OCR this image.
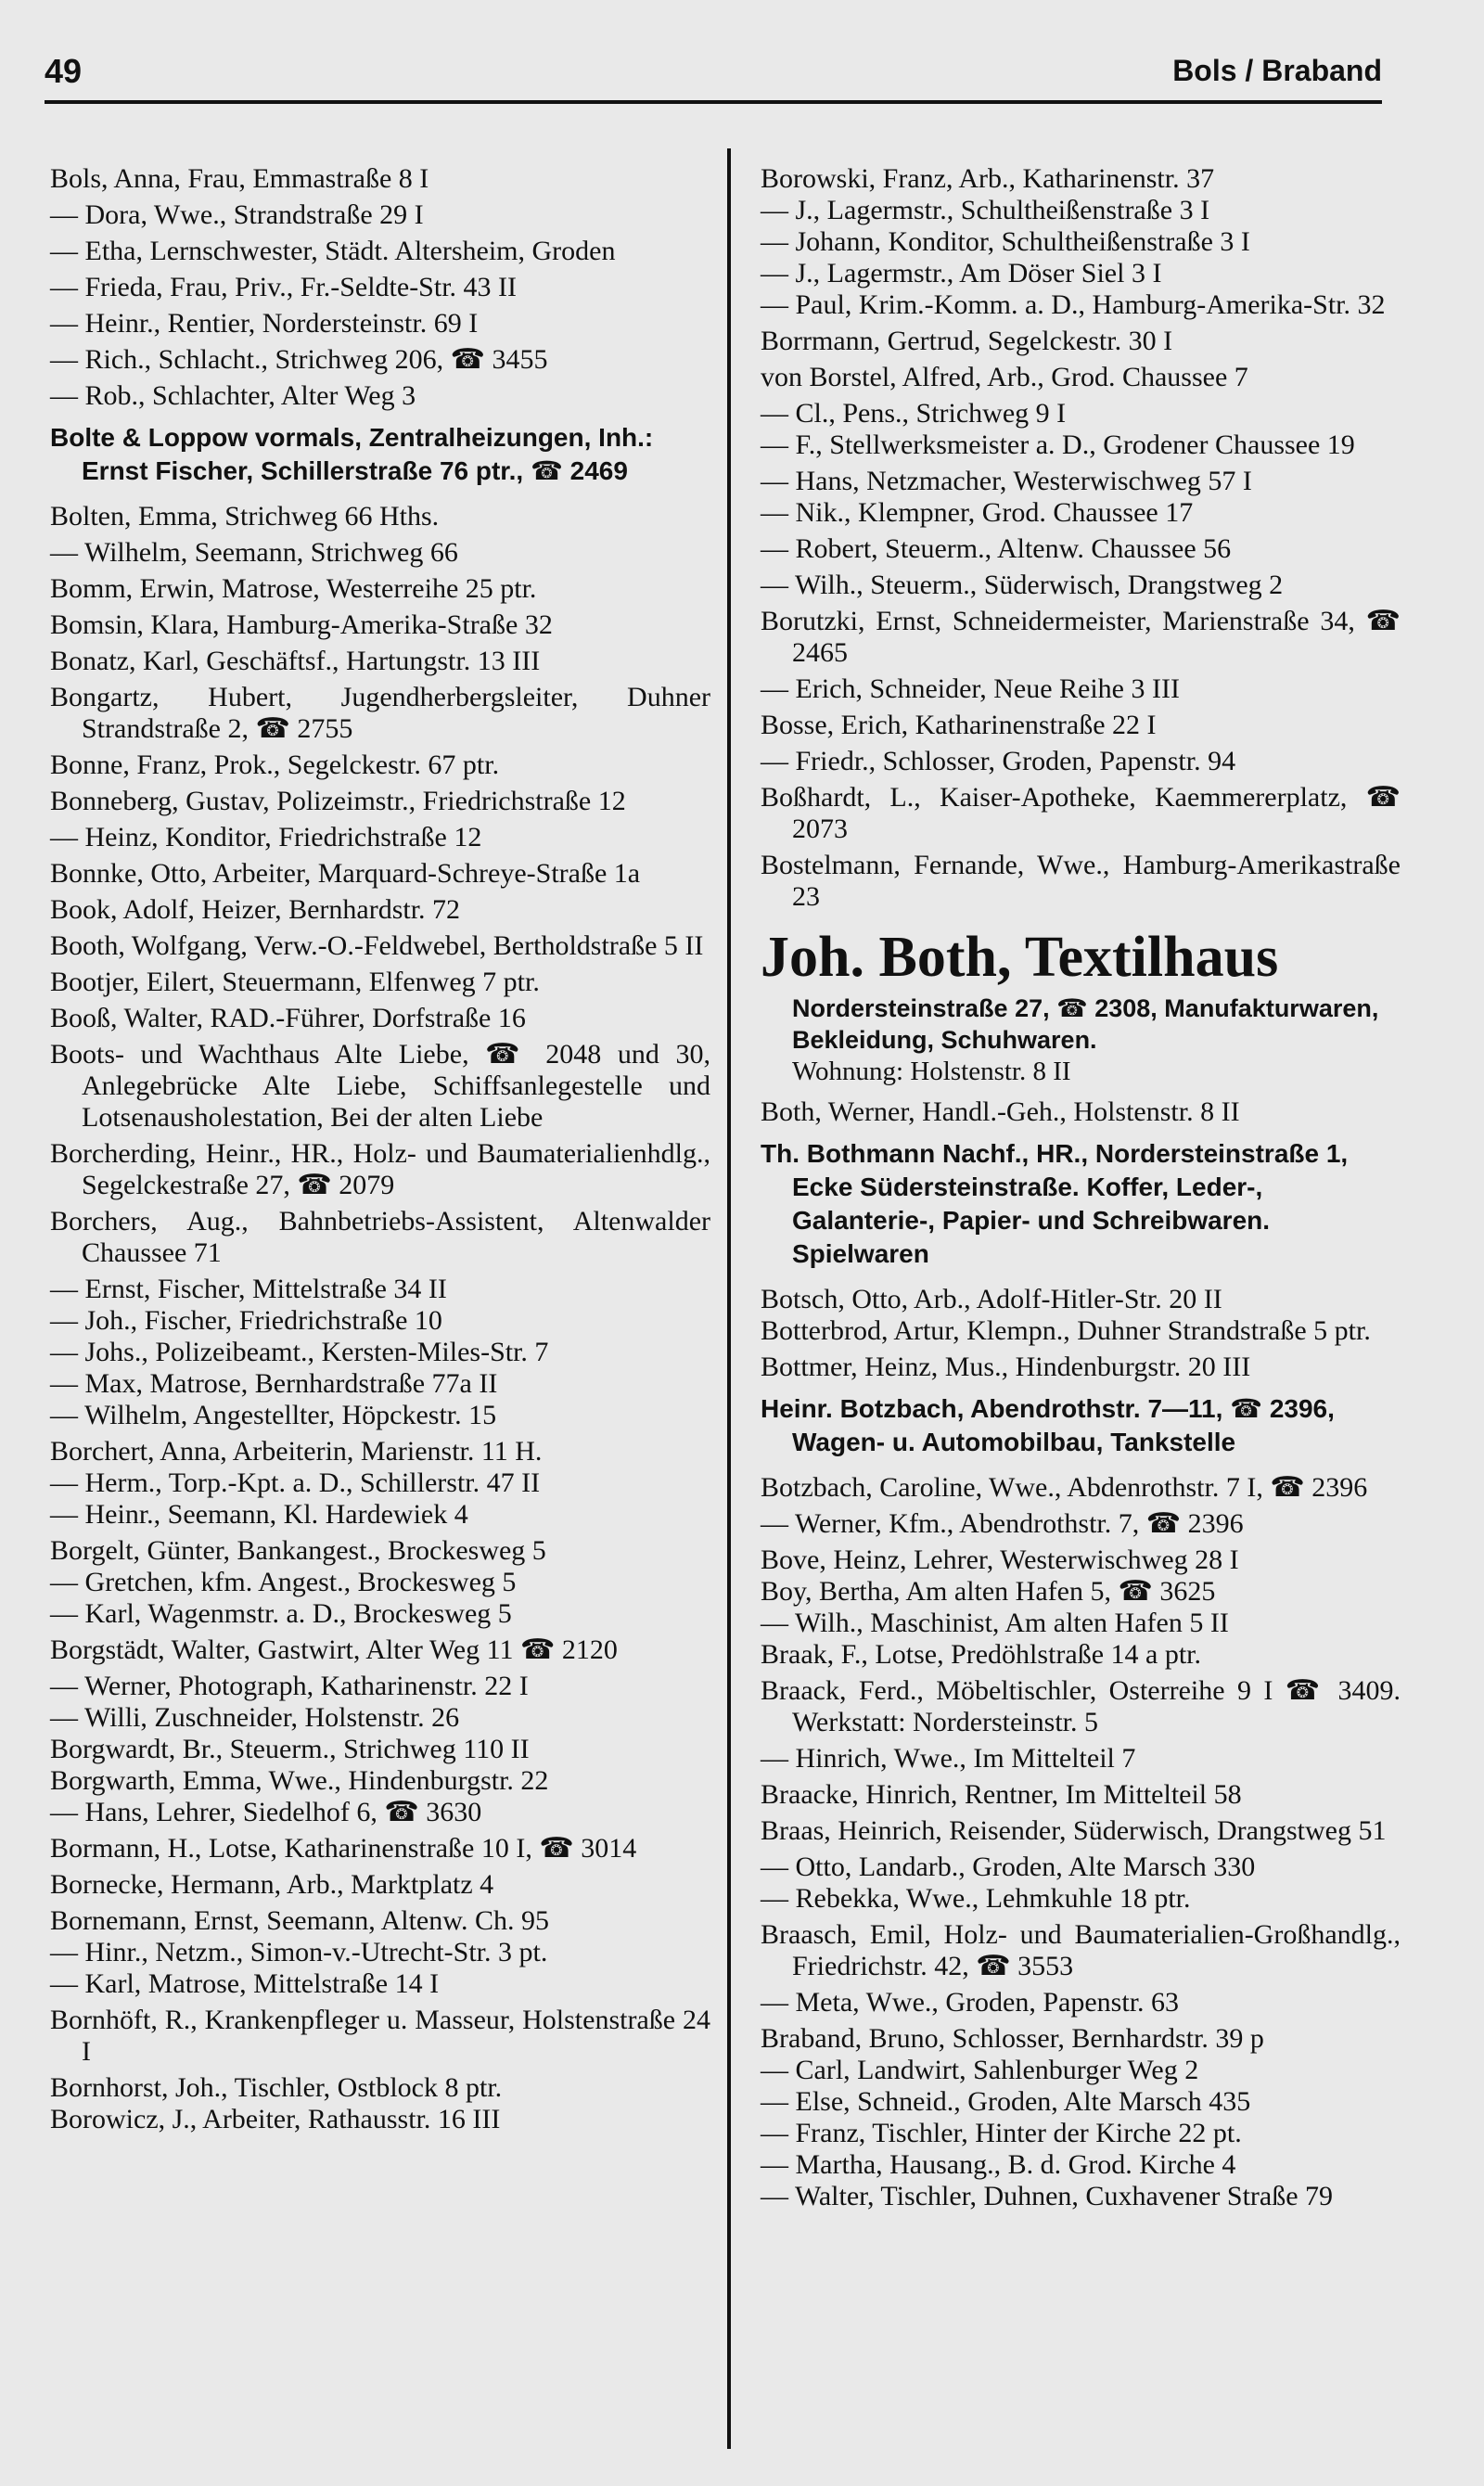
49	Bols / Braband

Bols, Anna, Frau, Emmastraße 8 I

— Dora, Wwe., Strandstraße 29 I

— Etha, Lernschwester, Städt. Altersheim, Groden

— Frieda, Frau, Priv., Fr.-Seldte-Str. 43 II

— Heinr., Rentier, Nordersteinstr. 69 I

— Rich., Schlacht., Strichweg 206, ☎ 3455

— Rob., Schlachter, Alter Weg 3

Bolte & Loppow vormals, Zentralheizungen, Inh.: Ernst Fischer, Schillerstraße 76 ptr., ☎ 2469

Bolten, Emma, Strichweg 66 Hths.

— Wilhelm, Seemann, Strichweg 66

Bomm, Erwin, Matrose, Westerreihe 25 ptr.

Bomsin, Klara, Hamburg-Amerika-Straße 32

Bonatz, Karl, Geschäftsf., Hartungstr. 13 III

Bongartz, Hubert, Jugendherbergsleiter, Duhner Strandstraße 2, ☎ 2755

Bonne, Franz, Prok., Segelckestr. 67 ptr.

Bonneberg, Gustav, Polizeimstr., Friedrichstraße 12

— Heinz, Konditor, Friedrichstraße 12

Bonnke, Otto, Arbeiter, Marquard-Schreye-Straße 1a

Book, Adolf, Heizer, Bernhardstr. 72

Booth, Wolfgang, Verw.-O.-Feldwebel, Bertholdstraße 5 II

Bootjer, Eilert, Steuermann, Elfenweg 7 ptr.

Booß, Walter, RAD.-Führer, Dorfstraße 16

Boots- und Wachthaus Alte Liebe, ☎ 2048 und 30, Anlegebrücke Alte Liebe, Schiffsanlegestelle und Lotsenausholestation, Bei der alten Liebe

Borcherding, Heinr., HR., Holz- und Baumaterialienhdlg., Segelckestraße 27, ☎ 2079

Borchers, Aug., Bahnbetriebs-Assistent, Altenwalder Chaussee 71

— Ernst, Fischer, Mittelstraße 34 II

— Joh., Fischer, Friedrichstraße 10

— Johs., Polizeibeamt., Kersten-Miles-Str. 7

— Max, Matrose, Bernhardstraße 77a II

— Wilhelm, Angestellter, Höpckestr. 15

Borchert, Anna, Arbeiterin, Marienstr. 11 H.

— Herm., Torp.-Kpt. a. D., Schillerstr. 47 II

— Heinr., Seemann, Kl. Hardewiek 4

Borgelt, Günter, Bankangest., Brockesweg 5

— Gretchen, kfm. Angest., Brockesweg 5

— Karl, Wagenmstr. a. D., Brockesweg 5

Borgstädt, Walter, Gastwirt, Alter Weg 11 ☎ 2120

— Werner, Photograph, Katharinenstr. 22 I

— Willi, Zuschneider, Holstenstr. 26

Borgwardt, Br., Steuerm., Strichweg 110 II

Borgwarth, Emma, Wwe., Hindenburgstr. 22

— Hans, Lehrer, Siedelhof 6, ☎ 3630

Bormann, H., Lotse, Katharinenstraße 10 I, ☎ 3014

Bornecke, Hermann, Arb., Marktplatz 4

Bornemann, Ernst, Seemann, Altenw. Ch. 95

— Hinr., Netzm., Simon-v.-Utrecht-Str. 3 pt.

— Karl, Matrose, Mittelstraße 14 I

Bornhöft, R., Krankenpfleger u. Masseur, Holstenstraße 24 I

Bornhorst, Joh., Tischler, Ostblock 8 ptr.

Borowicz, J., Arbeiter, Rathausstr. 16 III

Borowski, Franz, Arb., Katharinenstr. 37

— J., Lagermstr., Schultheißenstraße 3 I

— Johann, Konditor, Schultheißenstraße 3 I

— J., Lagermstr., Am Döser Siel 3 I

— Paul, Krim.-Komm. a. D., Hamburg-Amerika-Str. 32

Borrmann, Gertrud, Segelckestr. 30 I

von Borstel, Alfred, Arb., Grod. Chaussee 7

— Cl., Pens., Strichweg 9 I

— F., Stellwerksmeister a. D., Grodener Chaussee 19

— Hans, Netzmacher, Westerwischweg 57 I

— Nik., Klempner, Grod. Chaussee 17

— Robert, Steuerm., Altenw. Chaussee 56

— Wilh., Steuerm., Süderwisch, Drangstweg 2

Borutzki, Ernst, Schneidermeister, Marienstraße 34, ☎ 2465

— Erich, Schneider, Neue Reihe 3 III

Bosse, Erich, Katharinenstraße 22 I

— Friedr., Schlosser, Groden, Papenstr. 94

Boßhardt, L., Kaiser-Apotheke, Kaemmererplatz, ☎ 2073

Bostelmann, Fernande, Wwe., Hamburg-Amerikastraße 23

Joh. Both, Textilhaus

Nordersteinstraße 27, ☎ 2308, Manufakturwaren, Bekleidung, Schuhwaren.

Wohnung: Holstenstr. 8 II

Both, Werner, Handl.-Geh., Holstenstr. 8 II

Th. Bothmann Nachf., HR., Nordersteinstraße 1, Ecke Südersteinstraße. Koffer, Leder-, Galanterie-, Papier- und Schreibwaren. Spielwaren

Botsch, Otto, Arb., Adolf-Hitler-Str. 20 II

Botterbrod, Artur, Klempn., Duhner Strandstraße 5 ptr.

Bottmer, Heinz, Mus., Hindenburgstr. 20 III

Heinr. Botzbach, Abendrothstr. 7—11, ☎ 2396, Wagen- u. Automobilbau, Tankstelle

Botzbach, Caroline, Wwe., Abdenrothstr. 7 I, ☎ 2396

— Werner, Kfm., Abendrothstr. 7, ☎ 2396

Bove, Heinz, Lehrer, Westerwischweg 28 I

Boy, Bertha, Am alten Hafen 5, ☎ 3625

— Wilh., Maschinist, Am alten Hafen 5 II

Braak, F., Lotse, Predöhlstraße 14 a ptr.

Braack, Ferd., Möbeltischler, Osterreihe 9 I ☎ 3409. Werkstatt: Nordersteinstr. 5

— Hinrich, Wwe., Im Mittelteil 7

Braacke, Hinrich, Rentner, Im Mittelteil 58

Braas, Heinrich, Reisender, Süderwisch, Drangstweg 51

— Otto, Landarb., Groden, Alte Marsch 330

— Rebekka, Wwe., Lehmkuhle 18 ptr.

Braasch, Emil, Holz- und Baumaterialien-Großhandlg., Friedrichstr. 42, ☎ 3553

— Meta, Wwe., Groden, Papenstr. 63

Braband, Bruno, Schlosser, Bernhardstr. 39 p

— Carl, Landwirt, Sahlenburger Weg 2

— Else, Schneid., Groden, Alte Marsch 435

— Franz, Tischler, Hinter der Kirche 22 pt.

— Martha, Hausang., B. d. Grod. Kirche 4

— Walter, Tischler, Duhnen, Cuxhavener Straße 79
